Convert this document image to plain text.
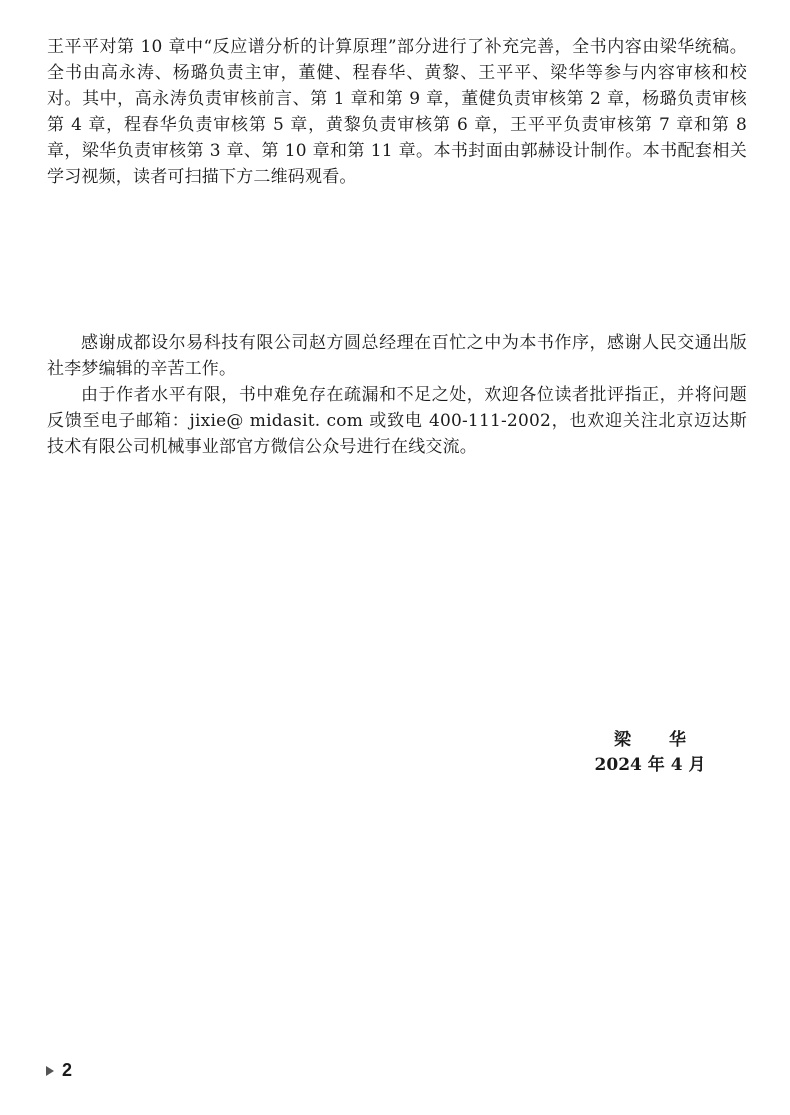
王平平对第 10 章中“反应谱分析的计算原理”部分进行了补充完善，全书内容由梁华统稿。全书由高永涛、杨璐负责主审，董健、程春华、黄黎、王平平、梁华等参与内容审核和校对。其中，高永涛负责审核前言、第 1 章和第 9 章，董健负责审核第 2 章，杨璐负责审核第 4 章，程春华负责审核第 5 章，黄黎负责审核第 6 章，王平平负责审核第 7 章和第 8 章，梁华负责审核第 3 章、第 10 章和第 11 章。本书封面由郭赫设计制作。本书配套相关学习视频，读者可扫描下方二维码观看。

感谢成都设尔易科技有限公司赵方圆总经理在百忙之中为本书作序，感谢人民交通出版社李梦编辑的辛苦工作。

由于作者水平有限，书中难免存在疏漏和不足之处，欢迎各位读者批评指正，并将问题反馈至电子邮箱：jixie@ midasit. com 或致电 400-111-2002，也欢迎关注北京迈达斯技术有限公司机械事业部官方微信公众号进行在线交流。

梁 华
2024 年 4 月
2
